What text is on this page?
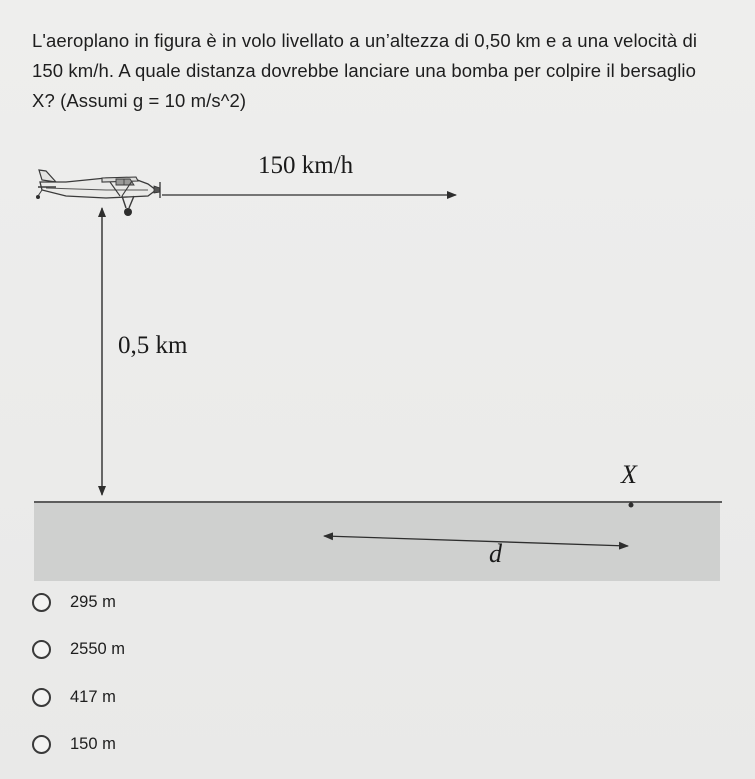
L'aeroplano in figura è in volo livellato a un’altezza di 0,50 km e a una velocità di
150 km/h. A quale distanza dovrebbe lanciare una bomba per colpire il bersaglio
X? (Assumi g = 10 m/s^2)
150 km/h
0,5 km
X
d
295 m
2550 m
417 m
150 m
